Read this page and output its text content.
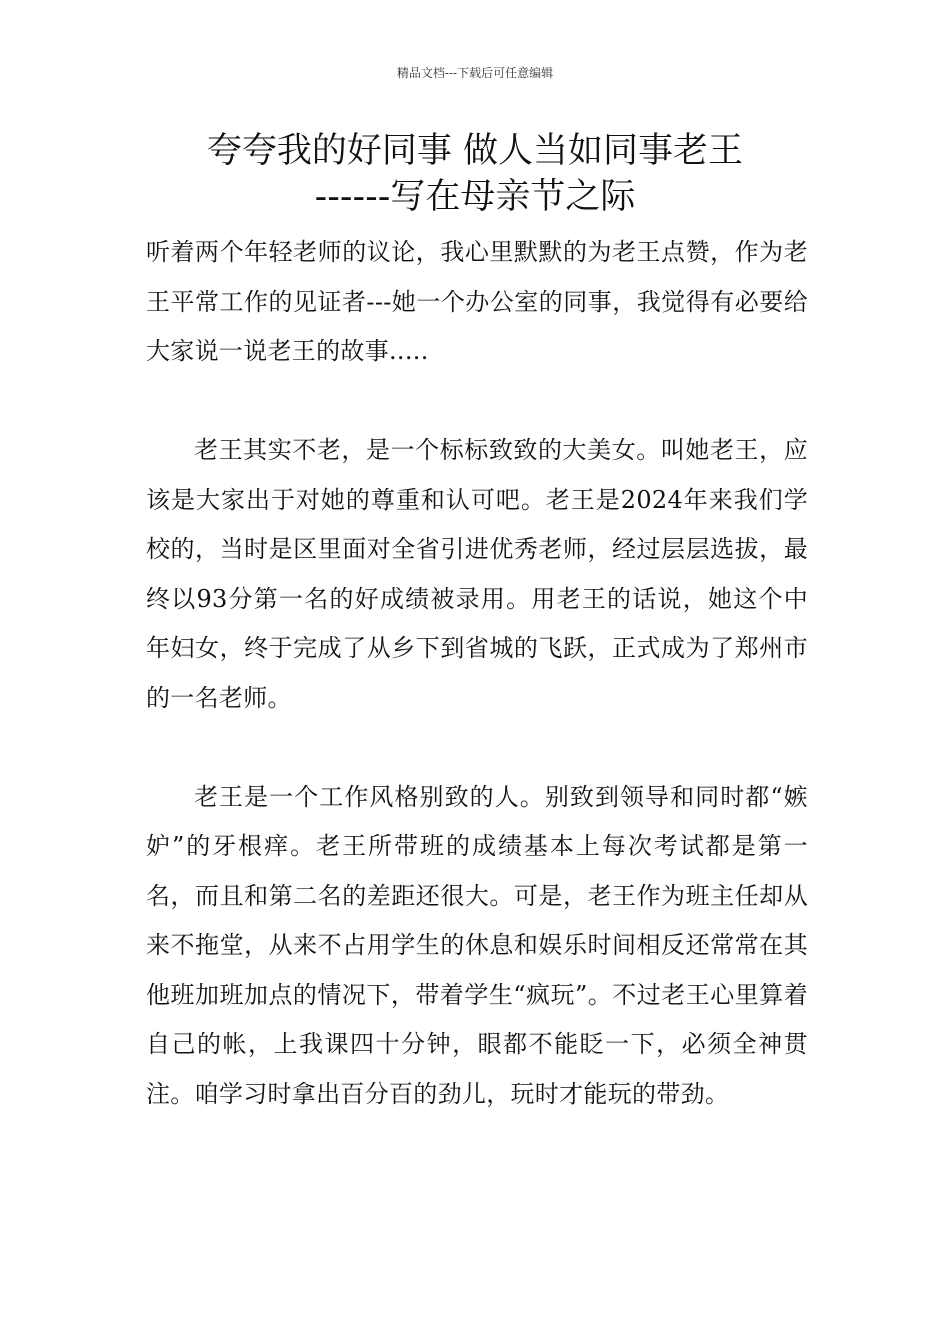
精品文档---下载后可任意编辑
夸夸我的好同事 做人当如同事老王
------写在母亲节之际

听着两个年轻老师的议论，我心里默默的为老王点赞，作为老王平常工作的见证者---她一个办公室的同事，我觉得有必要给大家说一说老王的故事.....

老王其实不老，是一个标标致致的大美女。叫她老王，应该是大家出于对她的尊重和认可吧。老王是2024年来我们学校的，当时是区里面对全省引进优秀老师，经过层层选拔，最终以93分第一名的好成绩被录用。用老王的话说，她这个中年妇女，终于完成了从乡下到省城的飞跃，正式成为了郑州市的一名老师。

老王是一个工作风格别致的人。别致到领导和同时都“嫉妒”的牙根痒。老王所带班的成绩基本上每次考试都是第一名，而且和第二名的差距还很大。可是，老王作为班主任却从来不拖堂，从来不占用学生的休息和娱乐时间相反还常常在其他班加班加点的情况下，带着学生“疯玩”。不过老王心里算着自己的帐，上我课四十分钟，眼都不能眨一下，必须全神贯注。咱学习时拿出百分百的劲儿，玩时才能玩的带劲。
